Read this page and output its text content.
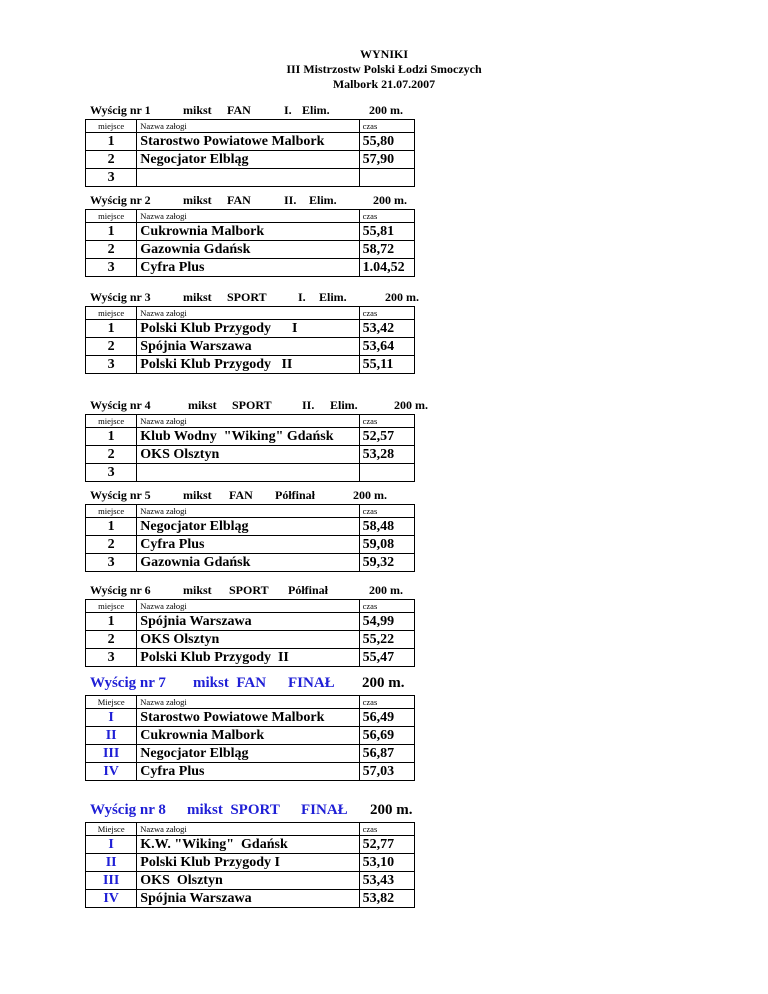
WYNIKI
III Mistrzostw Polski Łodzi Smoczych
Malbork 21.07.2007
Wyścig nr 1	mikst FAN	I. Elim.	200 m.
miejsce	Nazwa załogi	czas
1	Starostwo Powiatowe Malbork	55,80
2	Negocjator Elbląg	57,90
3		
Wyścig nr 2	mikst FAN	II. Elim.	200 m.
miejsce	Nazwa załogi	czas
1	Cukrownia Malbork	55,81
2	Gazownia Gdańsk	58,72
3	Cyfra Plus	1.04,52
Wyścig nr 3	mikst SPORT	I. Elim.	200 m.
miejsce	Nazwa załogi	czas
1	Polski Klub Przygody      I	53,42
2	Spójnia Warszawa	53,64
3	Polski Klub Przygody   II	55,11
Wyścig nr 4	mikst SPORT	II. Elim.	200 m.
miejsce	Nazwa załogi	czas
1	Klub Wodny  "Wiking" Gdańsk	52,57
2	OKS Olsztyn	53,28
3		
Wyścig nr 5	mikst FAN Półfinał	200 m.
miejsce	Nazwa załogi	czas
1	Negocjator Elbląg	58,48
2	Cyfra Plus	59,08
3	Gazownia Gdańsk	59,32
Wyścig nr 6	mikst SPORT Półfinał	200 m.
miejsce	Nazwa załogi	czas
1	Spójnia Warszawa	54,99
2	OKS Olsztyn	55,22
3	Polski Klub Przygody  II	55,47
Wyścig nr 7 mikst  FAN FINAŁ 200 m.
Miejsce	Nazwa załogi	czas
I	Starostwo Powiatowe Malbork	56,49
II	Cukrownia Malbork	56,69
III	Negocjator Elbląg	56,87
IV	Cyfra Plus	57,03
Wyścig nr 8 mikst  SPORT FINAŁ 200 m.
Miejsce	Nazwa załogi	czas
I	K.W. "Wiking"  Gdańsk	52,77
II	Polski Klub Przygody I	53,10
III	OKS  Olsztyn	53,43
IV	Spójnia Warszawa	53,82
